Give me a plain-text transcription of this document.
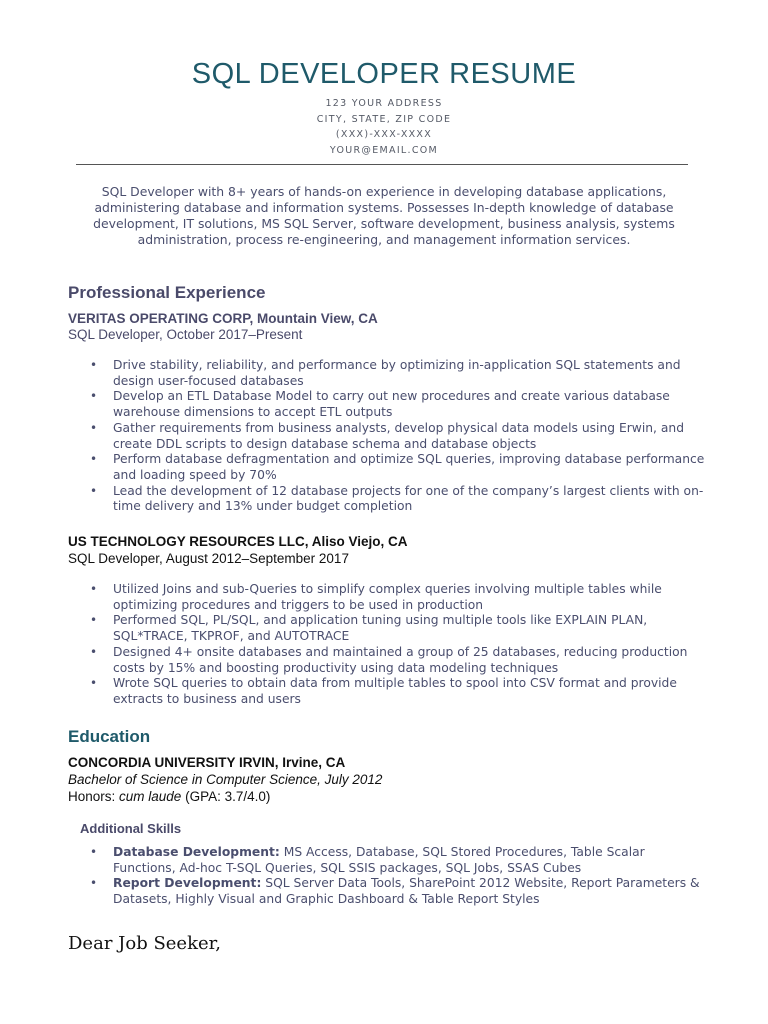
SQL DEVELOPER RESUME
123 YOUR ADDRESS
CITY, STATE, ZIP CODE
(XXX)-XXX-XXXX
YOUR@EMAIL.COM
SQL Developer with 8+ years of hands-on experience in developing database applications, administering database and information systems. Possesses In-depth knowledge of database development, IT solutions, MS SQL Server, software development, business analysis, systems administration, process re-engineering, and management information services.
Professional Experience
VERITAS OPERATING CORP, Mountain View, CA
SQL Developer, October 2017–Present
• Drive stability, reliability, and performance by optimizing in-application SQL statements and design user-focused databases
• Develop an ETL Database Model to carry out new procedures and create various database warehouse dimensions to accept ETL outputs
• Gather requirements from business analysts, develop physical data models using Erwin, and create DDL scripts to design database schema and database objects
• Perform database defragmentation and optimize SQL queries, improving database performance and loading speed by 70%
• Lead the development of 12 database projects for one of the company’s largest clients with on-time delivery and 13% under budget completion
US TECHNOLOGY RESOURCES LLC, Aliso Viejo, CA
SQL Developer, August 2012–September 2017
• Utilized Joins and sub-Queries to simplify complex queries involving multiple tables while optimizing procedures and triggers to be used in production
• Performed SQL, PL/SQL, and application tuning using multiple tools like EXPLAIN PLAN, SQL*TRACE, TKPROF, and AUTOTRACE
• Designed 4+ onsite databases and maintained a group of 25 databases, reducing production costs by 15% and boosting productivity using data modeling techniques
• Wrote SQL queries to obtain data from multiple tables to spool into CSV format and provide extracts to business and users
Education
CONCORDIA UNIVERSITY IRVIN, Irvine, CA
Bachelor of Science in Computer Science, July 2012
Honors: cum laude (GPA: 3.7/4.0)
Additional Skills
• Database Development: MS Access, Database, SQL Stored Procedures, Table Scalar Functions, Ad-hoc T-SQL Queries, SQL SSIS packages, SQL Jobs, SSAS Cubes
• Report Development: SQL Server Data Tools, SharePoint 2012 Website, Report Parameters & Datasets, Highly Visual and Graphic Dashboard & Table Report Styles
Dear Job Seeker,
